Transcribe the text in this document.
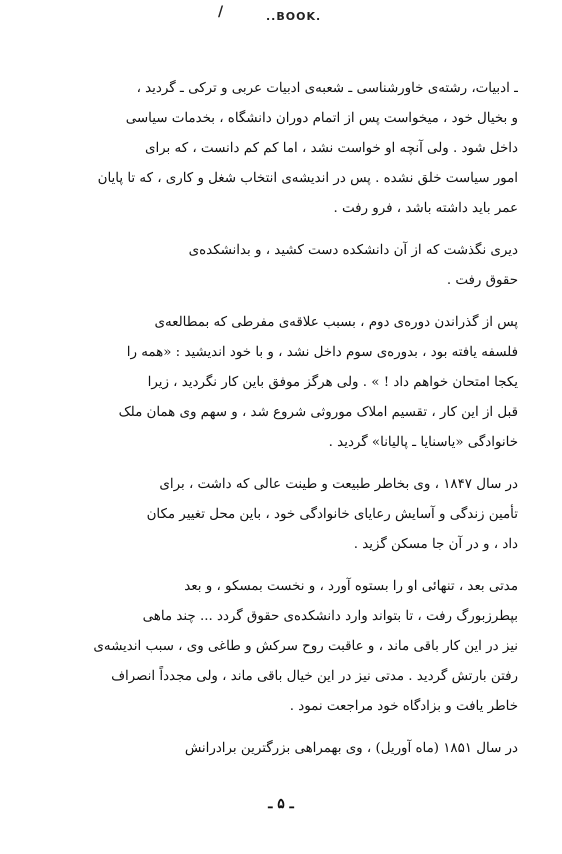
/	..BOOK.
ـ ادبیات، رشته‌ی خاورشناسی ـ شعبه‌ی ادبیات عربی و ترکی ـ گردید ،
و بخیال خود ، میخواست پس از اتمام دوران دانشگاه ، بخدمات سیاسی
داخل شود . ولی آنچه او خواست نشد ، اما کم کم دانست ، که برای
امور سیاست خلق نشده . پس در اندیشه‌ی انتخاب شغل و کاری ، که تا پایان
عمر باید داشته باشد ، فرو رفت .
دیری نگذشت که از آن دانشکده دست کشید ، و بدانشکده‌ی
حقوق رفت .
پس از گذراندن دوره‌ی دوم ، بسبب علاقه‌ی مفرطی که بمطالعه‌ی
فلسفه یافته بود ، بدوره‌ی سوم داخل نشد ، و با خود اندیشید : «همه را
یکجا امتحان خواهم داد ! » . ولی هرگز موفق باین کار نگردید ، زیرا
قبل از این کار ، تقسیم املاک موروثی شروع شد ، و سهم وی همان ملک
خانوادگی «یاسنایا ـ پالیانا» گردید .
در سال ۱۸۴۷ ، وی بخاطر طبیعت و طینت عالی که داشت ، برای
تأمین زندگی و آسایش رعایای خانوادگی خود ، باین محل تغییر مکان
داد ، و در آن جا مسکن گزید .
مدتی بعد ، تنهائی او را بستوه آورد ، و نخست بمسکو ، و بعد
بپطرزبورگ رفت ، تا بتواند وارد دانشکده‌ی حقوق گردد ... چند ماهی
نیز در این کار باقی ماند ، و عاقبت روح سرکش و طاغی وی ، سبب اندیشه‌ی
رفتن بارتش گردید . مدتی نیز در این خیال باقی ماند ، ولی مجدداً انصراف
خاطر یافت و بزادگاه خود مراجعت نمود .
در سال ۱۸۵۱ (ماه آوریل) ، وی بهمراهی بزرگترین برادرانش
ـ ۵ ـ
